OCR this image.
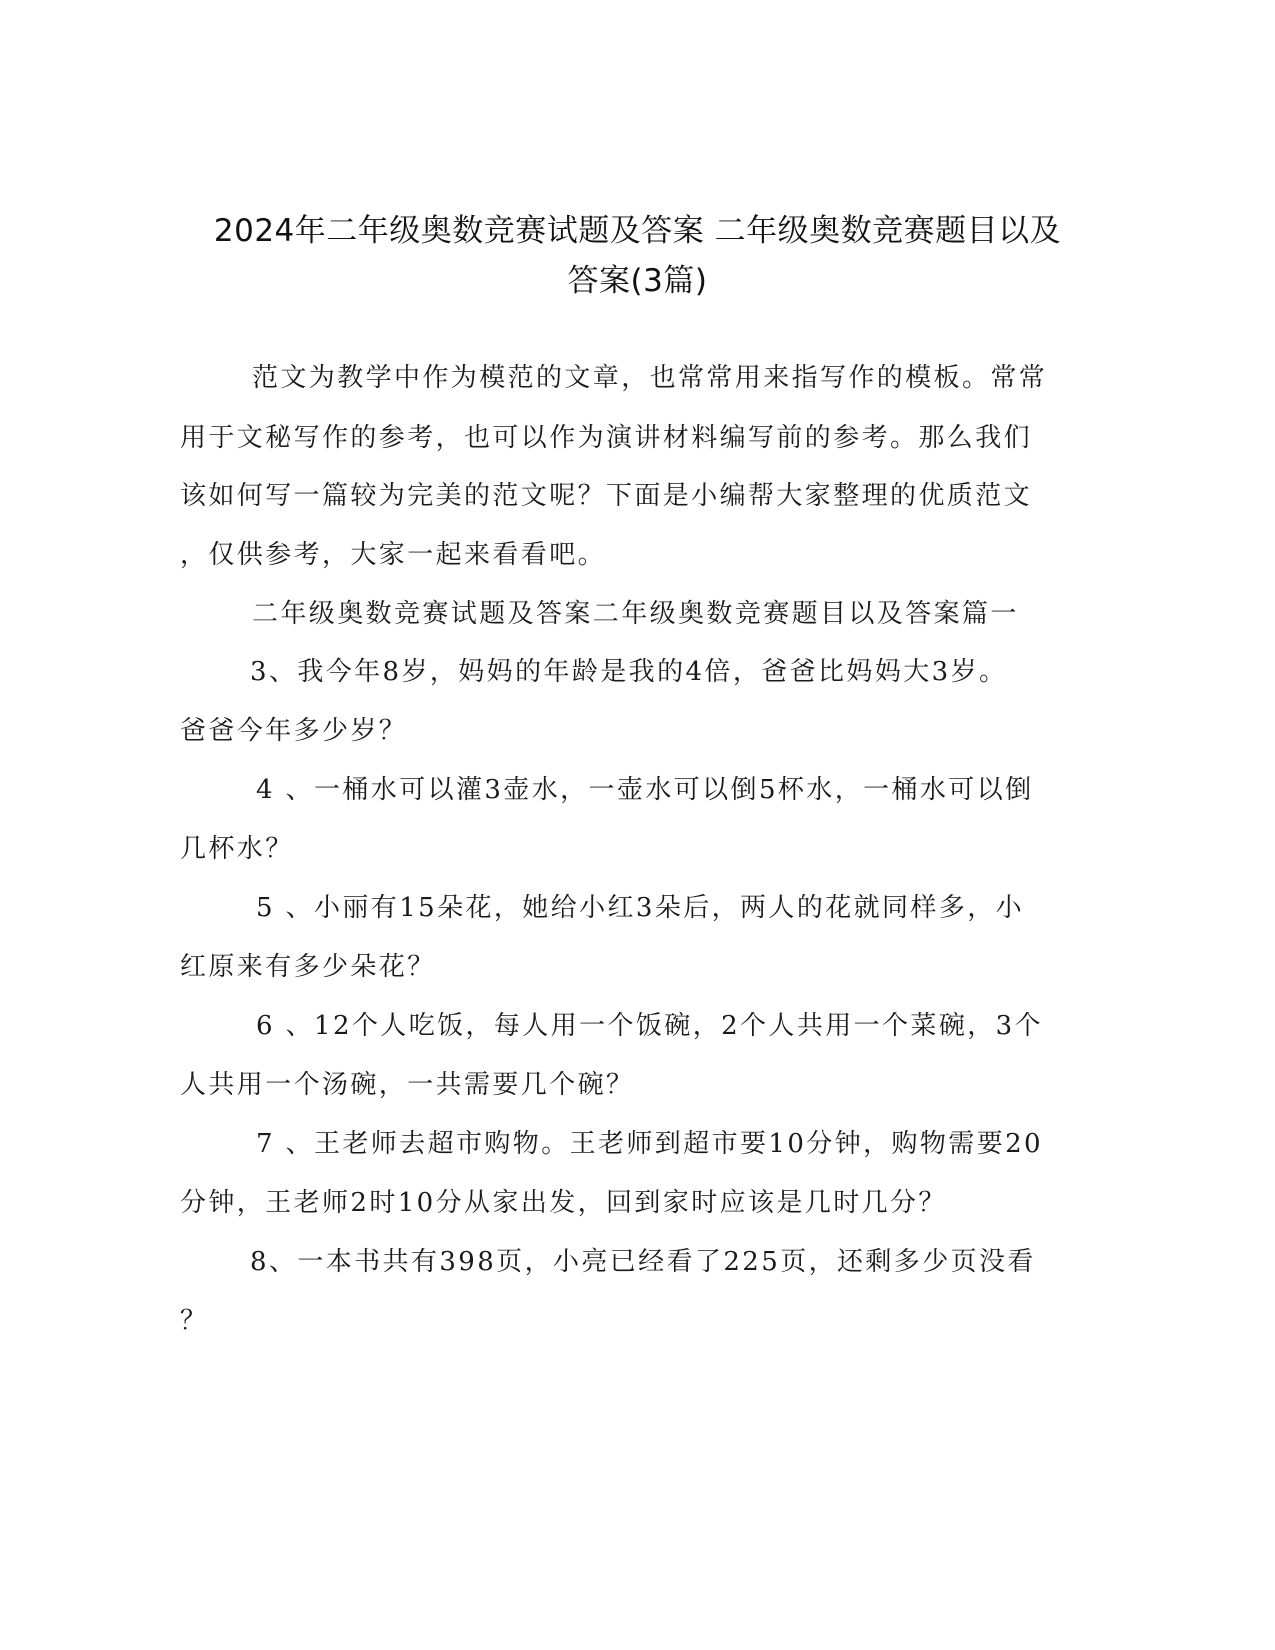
2024年二年级奥数竞赛试题及答案 二年级奥数竞赛题目以及
答案(3篇)
范文为教学中作为模范的文章，也常常用来指写作的模板。常常
用于文秘写作的参考，也可以作为演讲材料编写前的参考。那么我们
该如何写一篇较为完美的范文呢？下面是小编帮大家整理的优质范文
，仅供参考，大家一起来看看吧。
二年级奥数竞赛试题及答案二年级奥数竞赛题目以及答案篇一
3、我今年8岁，妈妈的年龄是我的4倍，爸爸比妈妈大3岁。
爸爸今年多少岁？
4 、一桶水可以灌3壶水，一壶水可以倒5杯水，一桶水可以倒
几杯水？
5 、小丽有15朵花，她给小红3朵后，两人的花就同样多，小
红原来有多少朵花？
6 、12个人吃饭，每人用一个饭碗，2个人共用一个菜碗，3个
人共用一个汤碗，一共需要几个碗？
7 、王老师去超市购物。王老师到超市要10分钟，购物需要20
分钟，王老师2时10分从家出发，回到家时应该是几时几分？
8、一本书共有398页，小亮已经看了225页，还剩多少页没看
？
